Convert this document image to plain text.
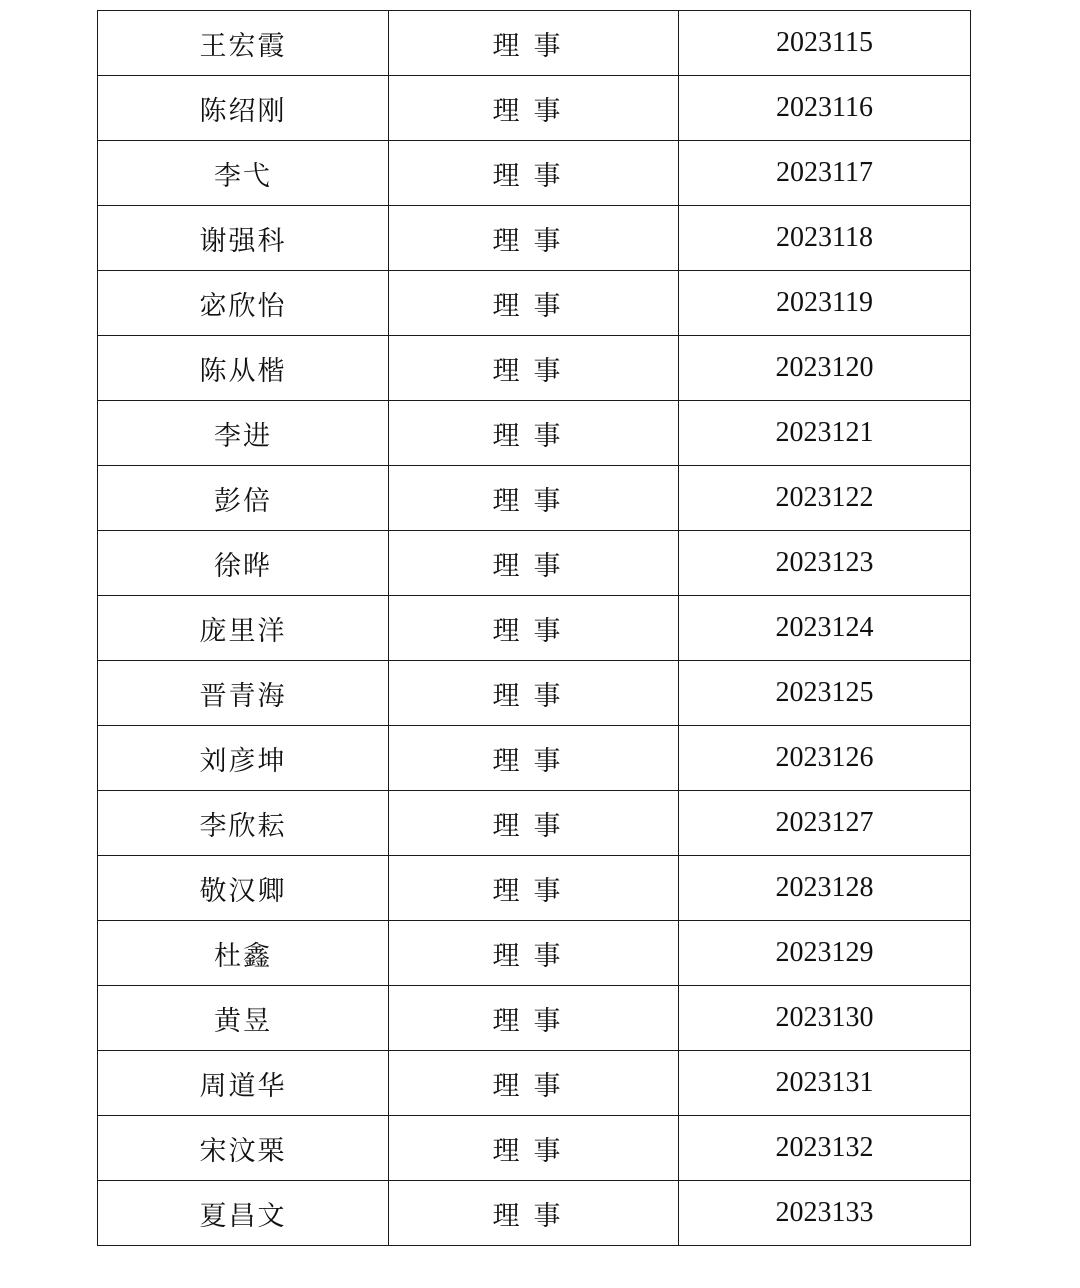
王宏霞	理事	2023115
陈绍刚	理事	2023116
李弋	理事	2023117
谢强科	理事	2023118
宓欣怡	理事	2023119
陈从楷	理事	2023120
李进	理事	2023121
彭倍	理事	2023122
徐晔	理事	2023123
庞里洋	理事	2023124
晋青海	理事	2023125
刘彦坤	理事	2023126
李欣耘	理事	2023127
敬汉卿	理事	2023128
杜鑫	理事	2023129
黄昱	理事	2023130
周道华	理事	2023131
宋汶栗	理事	2023132
夏昌文	理事	2023133
